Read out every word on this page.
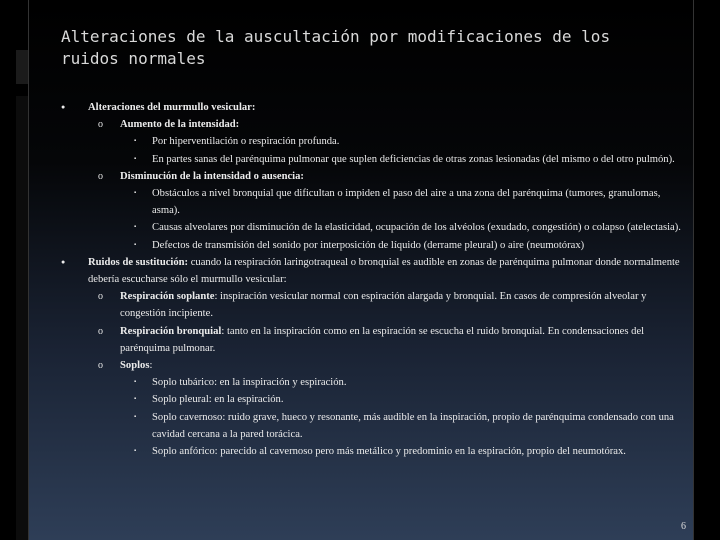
Alteraciones de la auscultación por modificaciones de los ruidos normales
● Alteraciones del murmullo vesicular:
o Aumento de la intensidad:
▪ Por hiperventilación o respiración profunda.
▪ En partes sanas del parénquima pulmonar que suplen deficiencias de otras zonas lesionadas (del mismo o del otro pulmón).
o Disminución de la intensidad o ausencia:
▪ Obstáculos a nivel bronquial que dificultan o impiden el paso del aire a una zona del parénquima (tumores, granulomas, asma).
▪ Causas alveolares por disminución de la elasticidad, ocupación de los alvéolos (exudado, congestión) o colapso (atelectasia).
▪ Defectos de transmisión del sonido por interposición de líquido (derrame pleural) o aire (neumotórax)
● Ruidos de sustitución: cuando la respiración laringotraqueal o bronquial es audible en zonas de parénquima pulmonar donde normalmente debería escucharse sólo el murmullo vesicular:
o Respiración soplante: inspiración vesicular normal con espiración alargada y bronquial. En casos de compresión alveolar y congestión incipiente.
o Respiración bronquial: tanto en la inspiración como en la espiración se escucha el ruido bronquial. En condensaciones del parénquima pulmonar.
o Soplos:
▪ Soplo tubárico: en la inspiración y espiración.
▪ Soplo pleural: en la espiración.
▪ Soplo cavernoso: ruido grave, hueco y resonante, más audible en la inspiración, propio de parénquima condensado con una cavidad cercana a la pared torácica.
▪ Soplo anfórico: parecido al cavernoso pero más metálico y predominio en la espiración, propio del neumotórax.
6
